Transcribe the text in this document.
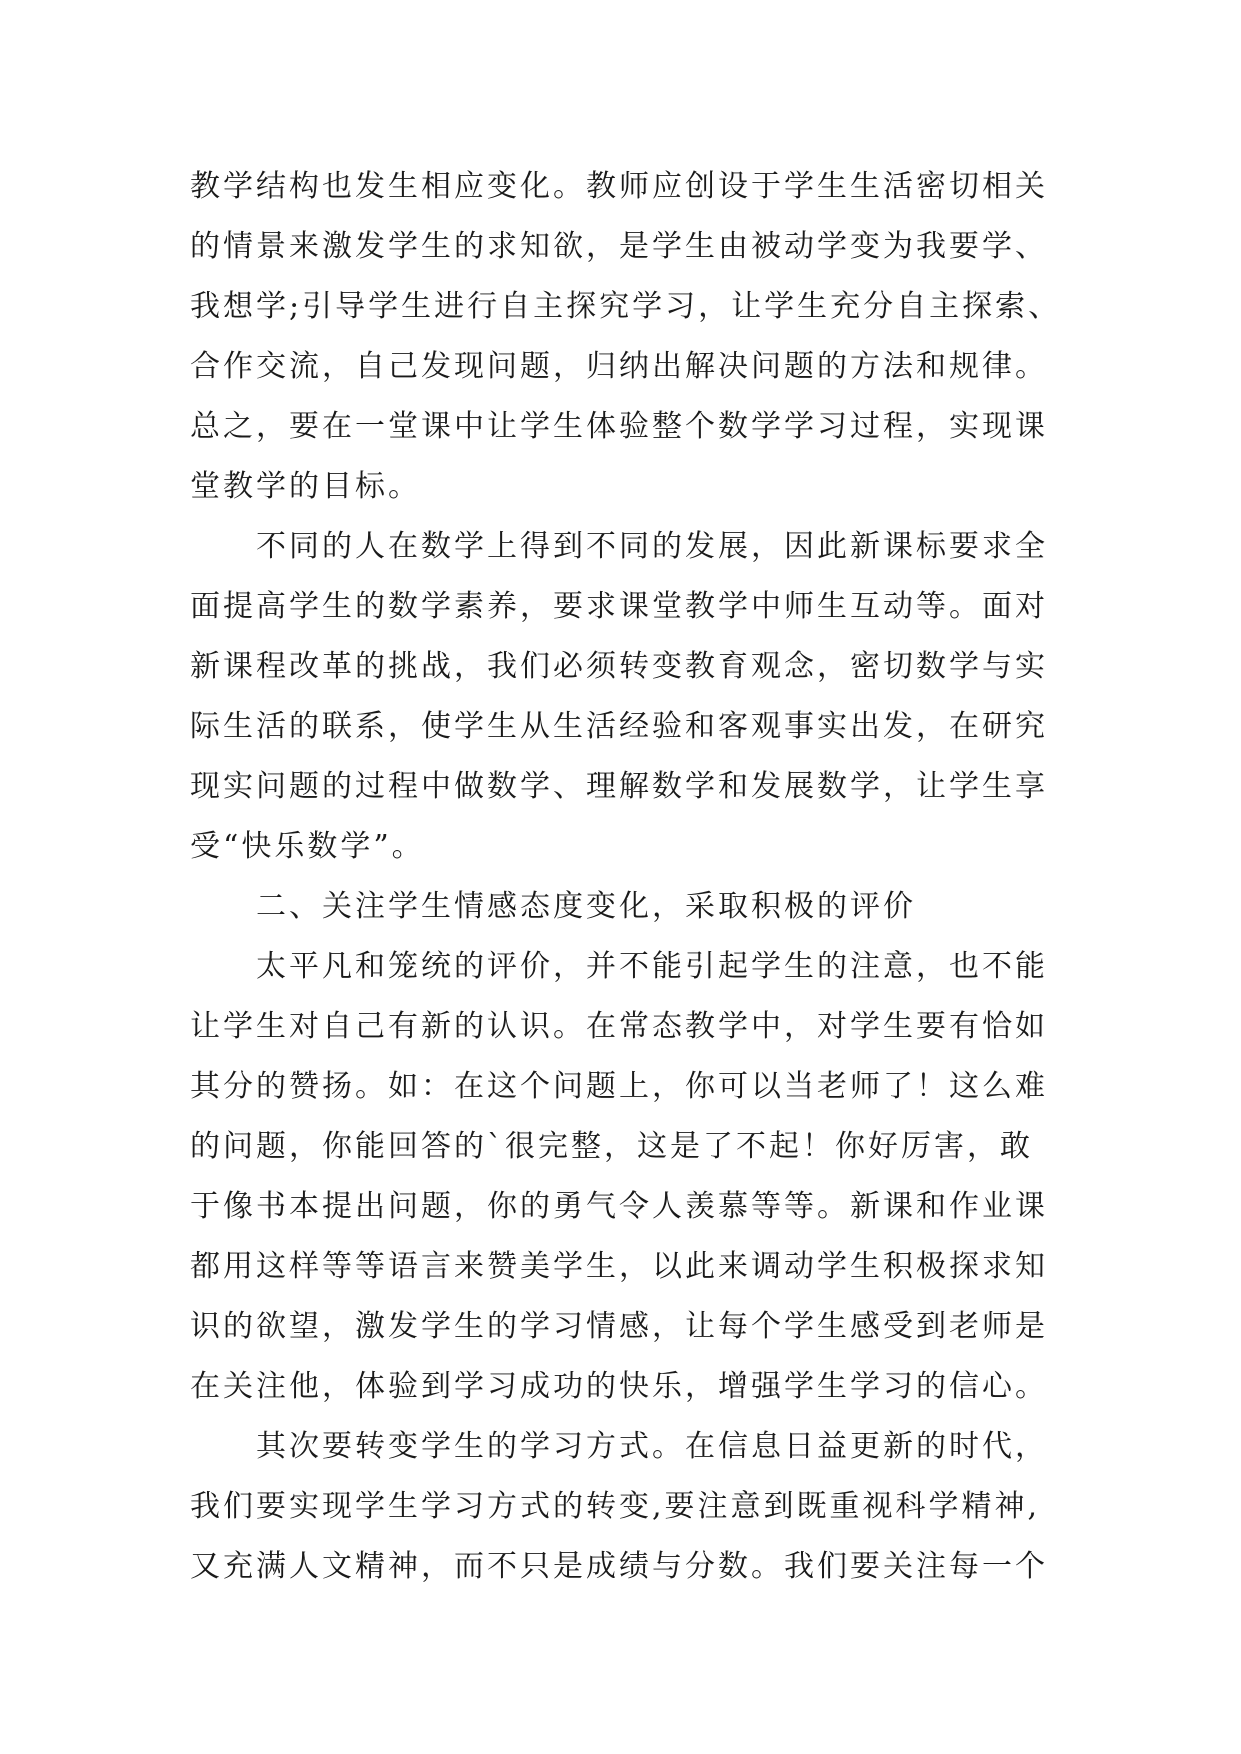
教学结构也发生相应变化。教师应创设于学生生活密切相关
的情景来激发学生的求知欲，是学生由被动学变为我要学、
我想学;引导学生进行自主探究学习，让学生充分自主探索、
合作交流，自己发现问题，归纳出解决问题的方法和规律。
总之，要在一堂课中让学生体验整个数学学习过程，实现课
堂教学的目标。
　　不同的人在数学上得到不同的发展，因此新课标要求全
面提高学生的数学素养，要求课堂教学中师生互动等。面对
新课程改革的挑战，我们必须转变教育观念，密切数学与实
际生活的联系，使学生从生活经验和客观事实出发，在研究
现实问题的过程中做数学、理解数学和发展数学，让学生享
受“快乐数学”。
　　二、关注学生情感态度变化，采取积极的评价
　　太平凡和笼统的评价，并不能引起学生的注意，也不能
让学生对自己有新的认识。在常态教学中，对学生要有恰如
其分的赞扬。如：在这个问题上，你可以当老师了！这么难
的问题，你能回答的`很完整，这是了不起！你好厉害，敢
于像书本提出问题，你的勇气令人羡慕等等。新课和作业课
都用这样等等语言来赞美学生，以此来调动学生积极探求知
识的欲望，激发学生的学习情感，让每个学生感受到老师是
在关注他，体验到学习成功的快乐，增强学生学习的信心。
　　其次要转变学生的学习方式。在信息日益更新的时代，
我们要实现学生学习方式的转变,要注意到既重视科学精神,
又充满人文精神，而不只是成绩与分数。我们要关注每一个
